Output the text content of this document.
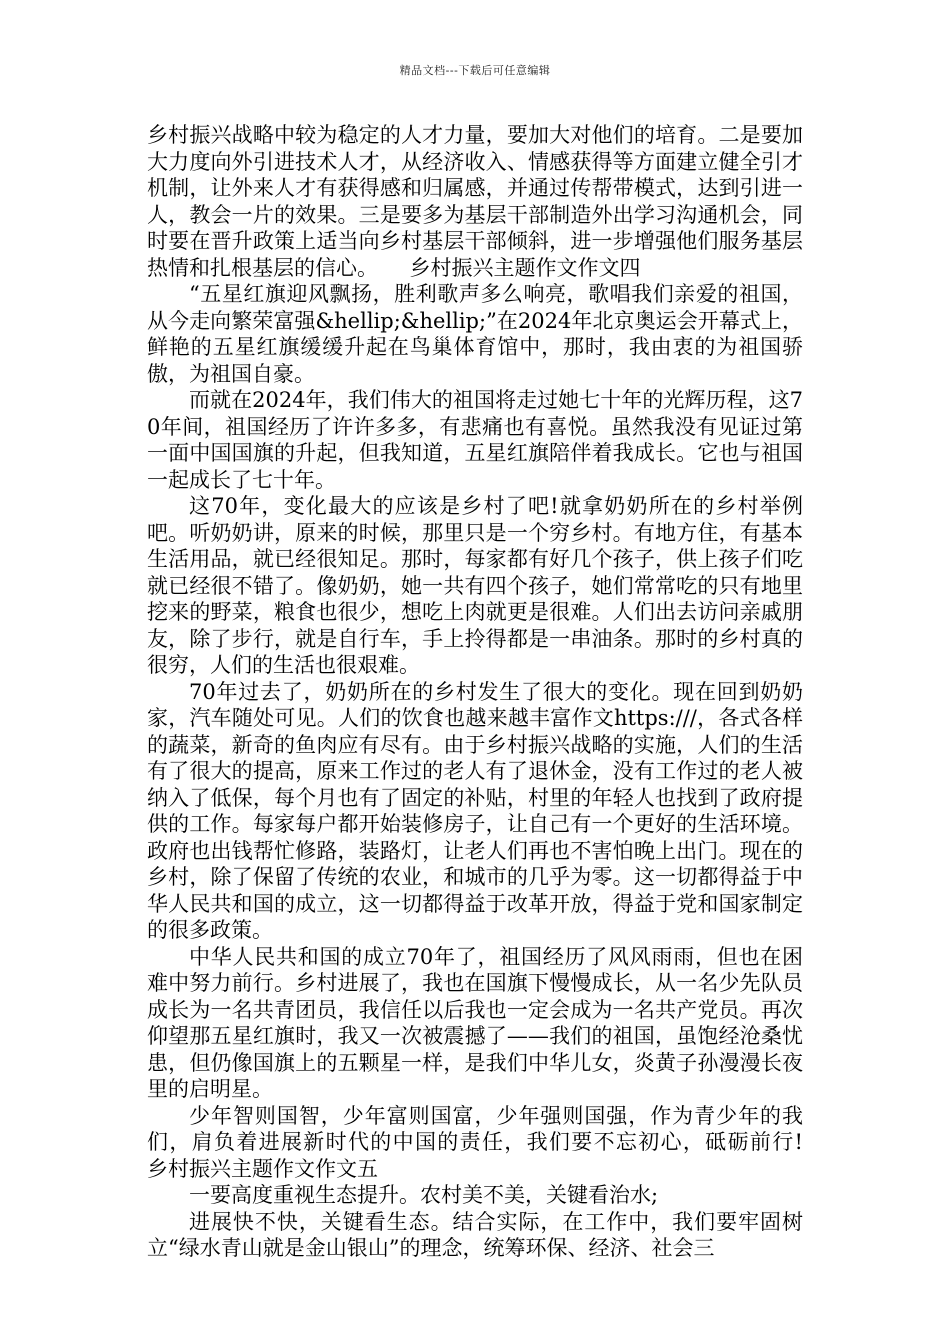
精品文档---下载后可任意编辑

乡村振兴战略中较为稳定的人才力量，要加大对他们的培育。二是要加大力度向外引进技术人才，从经济收入、情感获得等方面建立健全引才机制，让外来人才有获得感和归属感，并通过传帮带模式，达到引进一人，教会一片的效果。三是要多为基层干部制造外出学习沟通机会，同时要在晋升政策上适当向乡村基层干部倾斜，进一步增强他们服务基层热情和扎根基层的信心。　　乡村振兴主题作文作文四

“五星红旗迎风飘扬，胜利歌声多么响亮，歌唱我们亲爱的祖国，从今走向繁荣富强&hellip;&hellip;”在2024年北京奥运会开幕式上，鲜艳的五星红旗缓缓升起在鸟巢体育馆中，那时，我由衷的为祖国骄傲，为祖国自豪。

而就在2024年，我们伟大的祖国将走过她七十年的光辉历程，这70年间，祖国经历了许许多多，有悲痛也有喜悦。虽然我没有见证过第一面中国国旗的升起，但我知道，五星红旗陪伴着我成长。它也与祖国一起成长了七十年。

这70年，变化最大的应该是乡村了吧!就拿奶奶所在的乡村举例吧。听奶奶讲，原来的时候，那里只是一个穷乡村。有地方住，有基本生活用品，就已经很知足。那时，每家都有好几个孩子，供上孩子们吃就已经很不错了。像奶奶，她一共有四个孩子，她们常常吃的只有地里挖来的野菜，粮食也很少，想吃上肉就更是很难。人们出去访问亲戚朋友，除了步行，就是自行车，手上拎得都是一串油条。那时的乡村真的很穷，人们的生活也很艰难。

70年过去了，奶奶所在的乡村发生了很大的变化。现在回到奶奶家，汽车随处可见。人们的饮食也越来越丰富作文https:///，各式各样的蔬菜，新奇的鱼肉应有尽有。由于乡村振兴战略的实施，人们的生活有了很大的提高，原来工作过的老人有了退休金，没有工作过的老人被纳入了低保，每个月也有了固定的补贴，村里的年轻人也找到了政府提供的工作。每家每户都开始装修房子，让自己有一个更好的生活环境。政府也出钱帮忙修路，装路灯，让老人们再也不害怕晚上出门。现在的乡村，除了保留了传统的农业，和城市的几乎为零。这一切都得益于中华人民共和国的成立，这一切都得益于改革开放，得益于党和国家制定的很多政策。

中华人民共和国的成立70年了，祖国经历了风风雨雨，但也在困难中努力前行。乡村进展了，我也在国旗下慢慢成长，从一名少先队员成长为一名共青团员，我信任以后我也一定会成为一名共产党员。再次仰望那五星红旗时，我又一次被震撼了——我们的祖国，虽饱经沧桑忧患，但仍像国旗上的五颗星一样，是我们中华儿女，炎黄子孙漫漫长夜里的启明星。

少年智则国智，少年富则国富，少年强则国强，作为青少年的我们，肩负着进展新时代的中国的责任，我们要不忘初心，砥砺前行!　　乡村振兴主题作文作文五

一要高度重视生态提升。农村美不美，关键看治水;

进展快不快，关键看生态。结合实际，在工作中，我们要牢固树立“绿水青山就是金山银山”的理念，统筹环保、经济、社会三
